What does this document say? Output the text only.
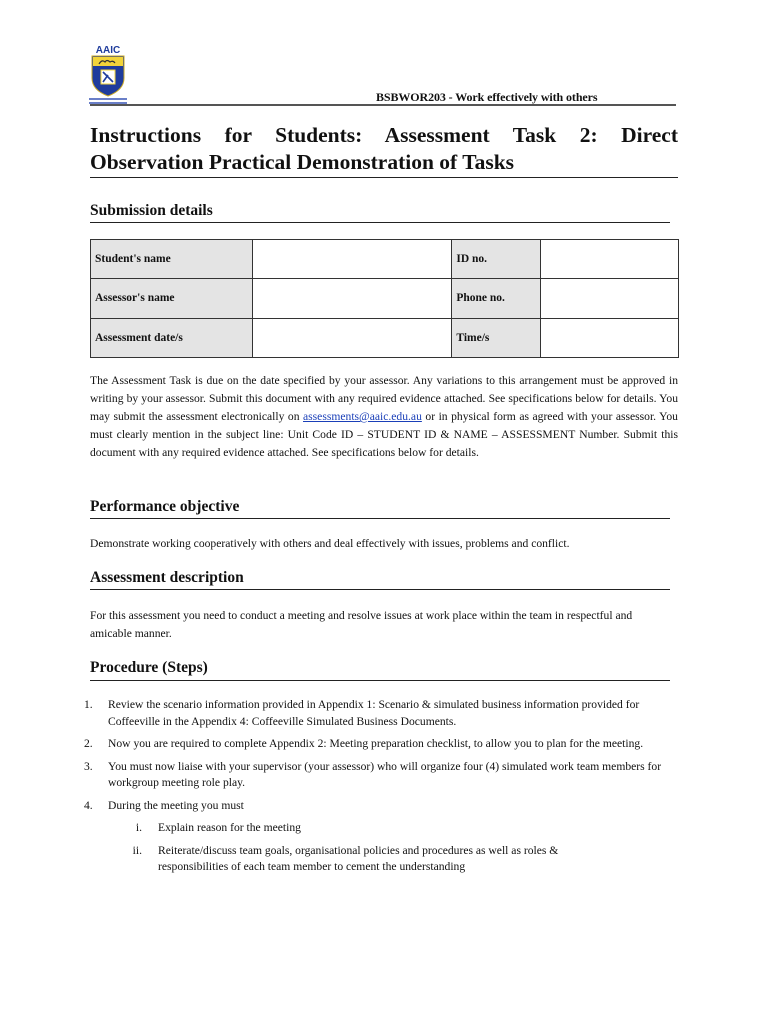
AAIC
BSBWOR203 - Work effectively with others
Instructions for Students: Assessment Task 2: Direct
Observation Practical Demonstration of Tasks
Submission details
Student's name		ID no.	
Assessor's name		Phone no.	
Assessment date/s		Time/s	
The Assessment Task is due on the date specified by your assessor. Any variations to this arrangement must be approved in writing by your assessor. Submit this document with any required evidence attached. See specifications below for details. You may submit the assessment electronically on assessments@aaic.edu.au or in physical form as agreed with your assessor. You must clearly mention in the subject line: Unit Code ID – STUDENT ID & NAME – ASSESSMENT Number. Submit this document with any required evidence attached. See specifications below for details.
Performance objective
Demonstrate working cooperatively with others and deal effectively with issues, problems and conflict.
Assessment description
For this assessment you need to conduct a meeting and resolve issues at work place within the team in respectful and amicable manner.
Procedure (Steps)
1. Review the scenario information provided in Appendix 1: Scenario & simulated business information provided for Coffeeville in the Appendix 4: Coffeeville Simulated Business Documents.
2. Now you are required to complete Appendix 2: Meeting preparation checklist, to allow you to plan for the meeting.
3. You must now liaise with your supervisor (your assessor) who will organize four (4) simulated work team members for workgroup meeting role play.
4. During the meeting you must
i. Explain reason for the meeting
ii. Reiterate/discuss team goals, organisational policies and procedures as well as roles & responsibilities of each team member to cement the understanding
